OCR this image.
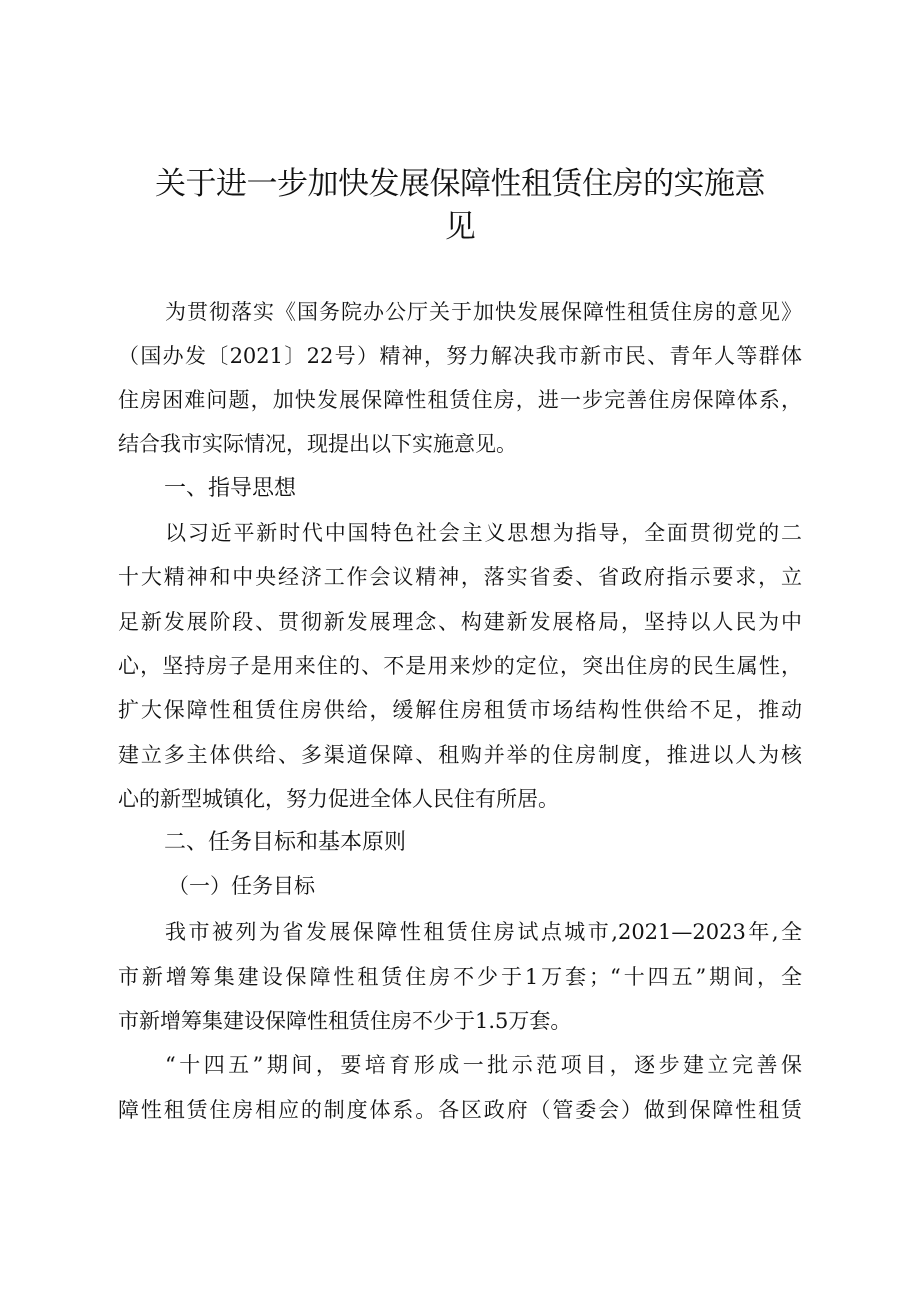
关于进一步加快发展保障性租赁住房的实施意
见
为贯彻落实《国务院办公厅关于加快发展保障性租赁住房的意见》
（国办发〔2021〕22号）精神，努力解决我市新市民、青年人等群体
住房困难问题，加快发展保障性租赁住房，进一步完善住房保障体系，
结合我市实际情况，现提出以下实施意见。
一、指导思想
以习近平新时代中国特色社会主义思想为指导，全面贯彻党的二
十大精神和中央经济工作会议精神，落实省委、省政府指示要求，立
足新发展阶段、贯彻新发展理念、构建新发展格局，坚持以人民为中
心，坚持房子是用来住的、不是用来炒的定位，突出住房的民生属性，
扩大保障性租赁住房供给，缓解住房租赁市场结构性供给不足，推动
建立多主体供给、多渠道保障、租购并举的住房制度，推进以人为核
心的新型城镇化，努力促进全体人民住有所居。
二、任务目标和基本原则
（一）任务目标
我市被列为省发展保障性租赁住房试点城市,2021—2023年,全
市新增筹集建设保障性租赁住房不少于1万套；“十四五”期间，全
市新增筹集建设保障性租赁住房不少于1.5万套。
“十四五”期间，要培育形成一批示范项目，逐步建立完善保
障性租赁住房相应的制度体系。各区政府（管委会）做到保障性租赁
